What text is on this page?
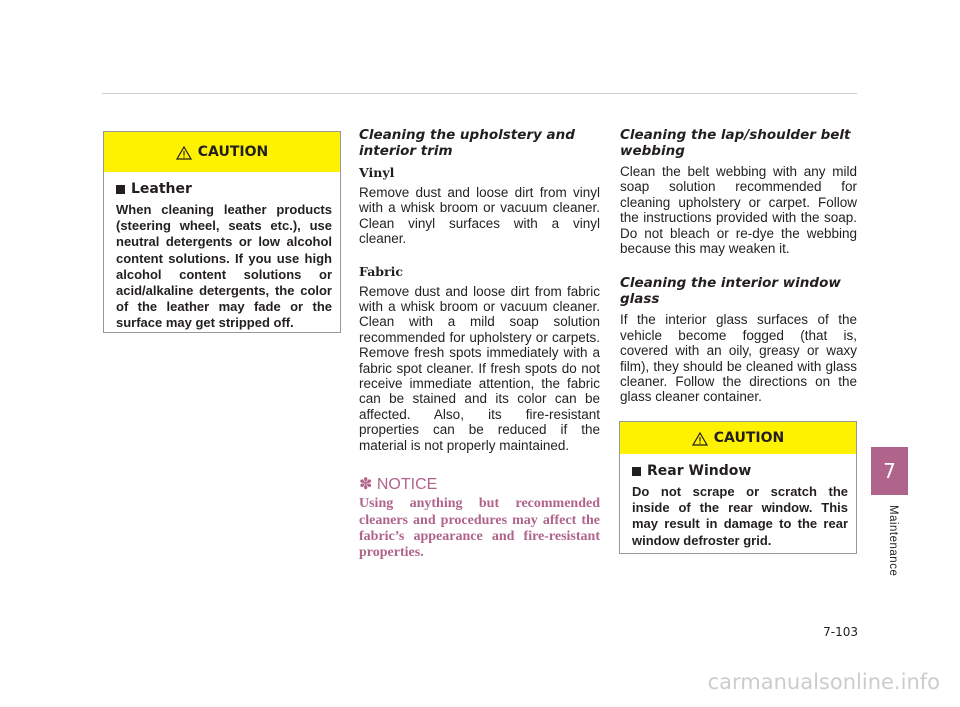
CAUTION
Leather

When cleaning leather products (steering wheel, seats etc.), use neutral detergents or low alcohol content solutions. If you use high alcohol content solutions or acid/alkaline detergents, the color of the leather may fade or the surface may get stripped off.

Cleaning the upholstery and interior trim

Vinyl

Remove dust and loose dirt from vinyl with a whisk broom or vacuum cleaner. Clean vinyl surfaces with a vinyl cleaner.

Fabric

Remove dust and loose dirt from fabric with a whisk broom or vacuum cleaner. Clean with a mild soap solution recommended for upholstery or carpets. Remove fresh spots immediately with a fabric spot cleaner. If fresh spots do not receive immediate attention, the fabric can be stained and its color can be affected. Also, its fire-resistant properties can be reduced if the material is not properly maintained.

✽ NOTICE

Using anything but recommended cleaners and procedures may affect the fabric’s appearance and fire-resistant properties.

Cleaning the lap/shoulder belt webbing

Clean the belt webbing with any mild soap solution recommended for cleaning upholstery or carpet. Follow the instructions provided with the soap. Do not bleach or re-dye the webbing because this may weaken it.

Cleaning the interior window glass

If the interior glass surfaces of the vehicle become fogged (that is, covered with an oily, greasy or waxy film), they should be cleaned with glass cleaner. Follow the directions on the glass cleaner container.

CAUTION
Rear Window

Do not scrape or scratch the inside of the rear window. This may result in damage to the rear window defroster grid.

7
Maintenance
7-103
carmanualsonline.info
